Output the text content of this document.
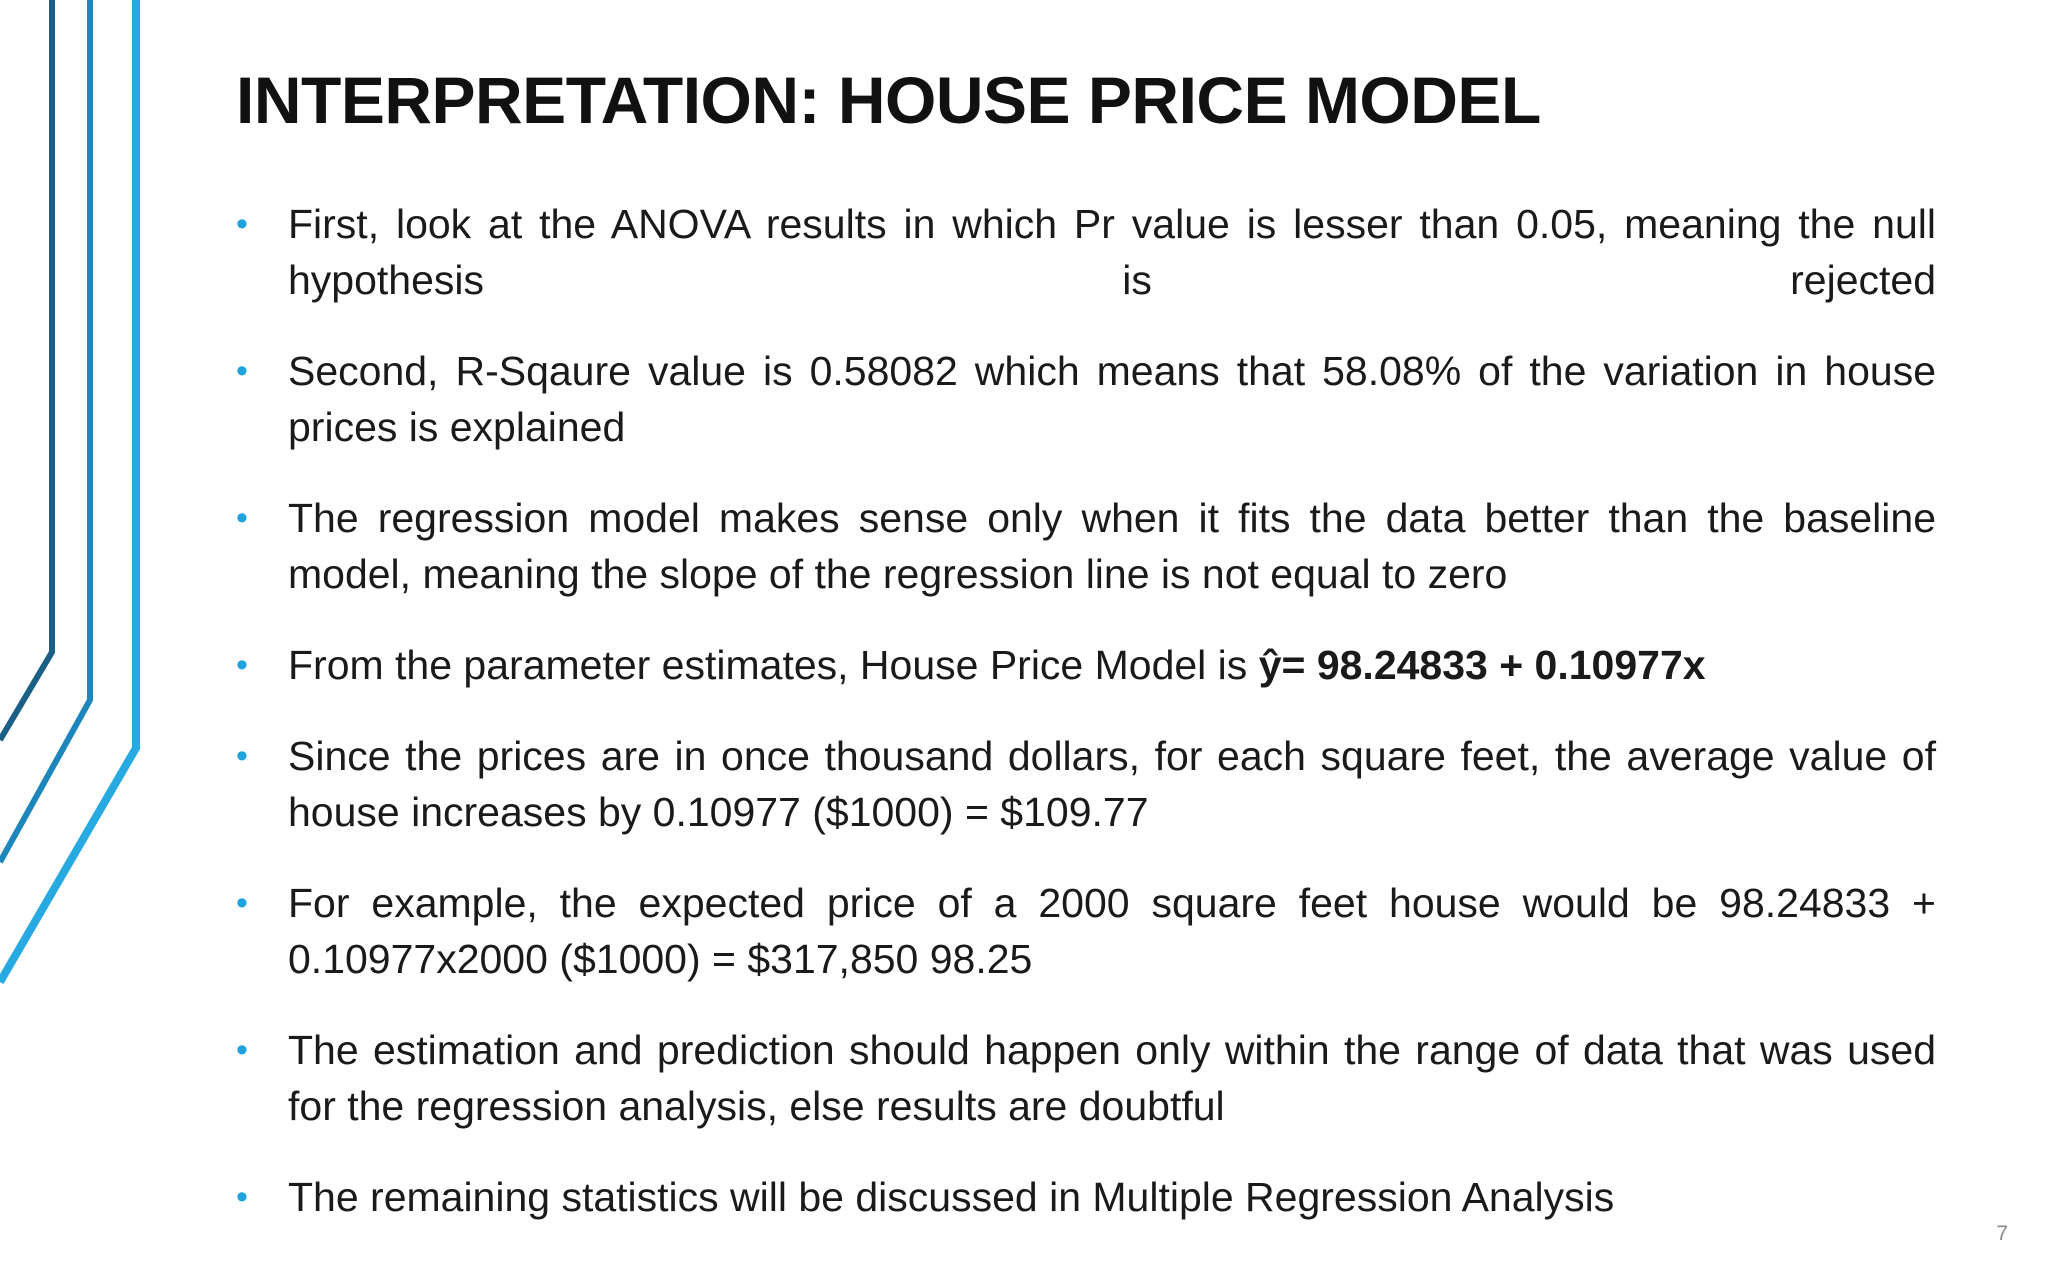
INTERPRETATION: HOUSE PRICE MODEL
• First, look at the ANOVA results in which Pr value is lesser than 0.05, meaning the null hypothesis is rejected
• Second, R-Sqaure value is 0.58082 which means that 58.08% of the variation in house prices is explained
• The regression model makes sense only when it fits the data better than the baseline model, meaning the slope of the regression line is not equal to zero
• From the parameter estimates, House Price Model is ŷ= 98.24833 + 0.10977x
• Since the prices are in once thousand dollars, for each square feet, the average value of house increases by 0.10977 ($1000) = $109.77
• For example, the expected price of a 2000 square feet house would be 98.24833 + 0.10977x2000 ($1000) = $317,850 98.25
• The estimation and prediction should happen only within the range of data that was used for the regression analysis, else results are doubtful
• The remaining statistics will be discussed in Multiple Regression Analysis
7
